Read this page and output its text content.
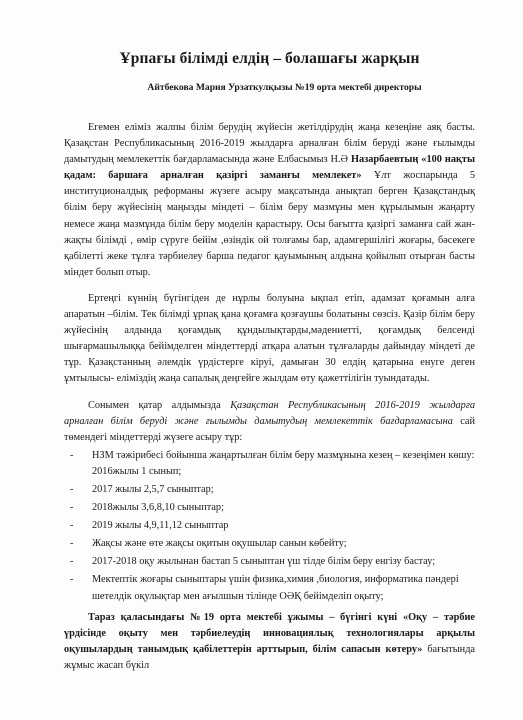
Ұрпағы білімді елдің – болашағы жарқын
Айтбекова Мария Урзаткулқызы №19 орта мектебі директоры

Егемен еліміз жалпы білім берудің жүйесін жетілдірудің жаңа кезеңіне аяқ басты. Қазақстан Республикасының 2016-2019 жылдарға арналған білім беруді және ғылымды дамытудың мемлекеттік бағдарламасында және Елбасымыз Н.Ә Назарбаевтың «100 нақты қадам: баршаға арналған қазіргі заманғы мемлекет» Ұлт жоспарында 5 институционалдық реформаны жүзеге асыру мақсатында анықтап берген Қазақстандық білім беру жүйесінің маңызды міндеті – білім беру мазмұны мен құрылымын жаңарту немесе жаңа мазмұнда білім беру моделін қарастыру. Осы бағытта қазіргі заманға сай жан-жақты білімді , өмір сүруге бейім ,өзіндік ой толғамы бар, адамгершілігі жоғары, бәсекеге қабілетті жеке тұлға тәрбиелеу барша педагог қауымының алдына қойылып отырған басты міндет болып отыр.

Ертеңгі күннің бүгінгіден де нұрлы болуына ықпал етіп, адамзат қоғамын алға апаратын –білім. Тек білімді ұрпақ қана қоғамға қозғаушы болатыны сөзсіз. Қазір білім беру жүйесінің алдында қоғамдық құндылықтарды,мәдениетті, қоғамдық белсенді шығармашылыққа бейімделген міндеттерді атқара алатын тұлғаларды дайындау міндеті де тұр. Қазақстанның әлемдік үрдістерге кіруі, дамыған 30 елдің қатарына енуге деген ұмтылысы- еліміздің жаңа сапалық деңгейге жылдам өту қажеттілігін туындатады.

Сонымен қатар алдымызда Қазақстан Республикасының 2016-2019 жылдарға арналған білім беруді және ғылымды дамытудың мемлекеттік бағдарламасына сай төмендегі міндеттерді жүзеге асыру тұр:

- НЗМ тәжірибесі бойынша жаңартылған білім беру мазмұнына кезең – кезеңімен көшу: 2016жылы 1 сынып;
- 2017 жылы 2,5,7 сыныптар;
- 2018жылы 3,6,8,10 сыныптар;
- 2019 жылы 4,9,11,12 сыныптар
- Жақсы және өте жақсы оқитын оқушылар санын көбейту;
- 2017-2018 оқу жылынан бастап 5 сыныптан үш тілде білім беру енгізу бастау;
- Мектептік жоғары сыныптары үшін физика,химия ,биология, информатика пәндері шетелдік оқулықтар мен ағылшын тілінде ОӘҚ бейімделіп оқыту;

Тараз қаласындағы №19 орта мектебі ұжымы – бүгінгі күні «Оқу – тәрбие үрдісінде оқыту мен тәрбиелеудің инновациялық технологиялары арқылы оқушылардың танымдық қабілеттерін арттырып, білім сапасын көтеру» бағытында жұмыс жасап бүкіл
